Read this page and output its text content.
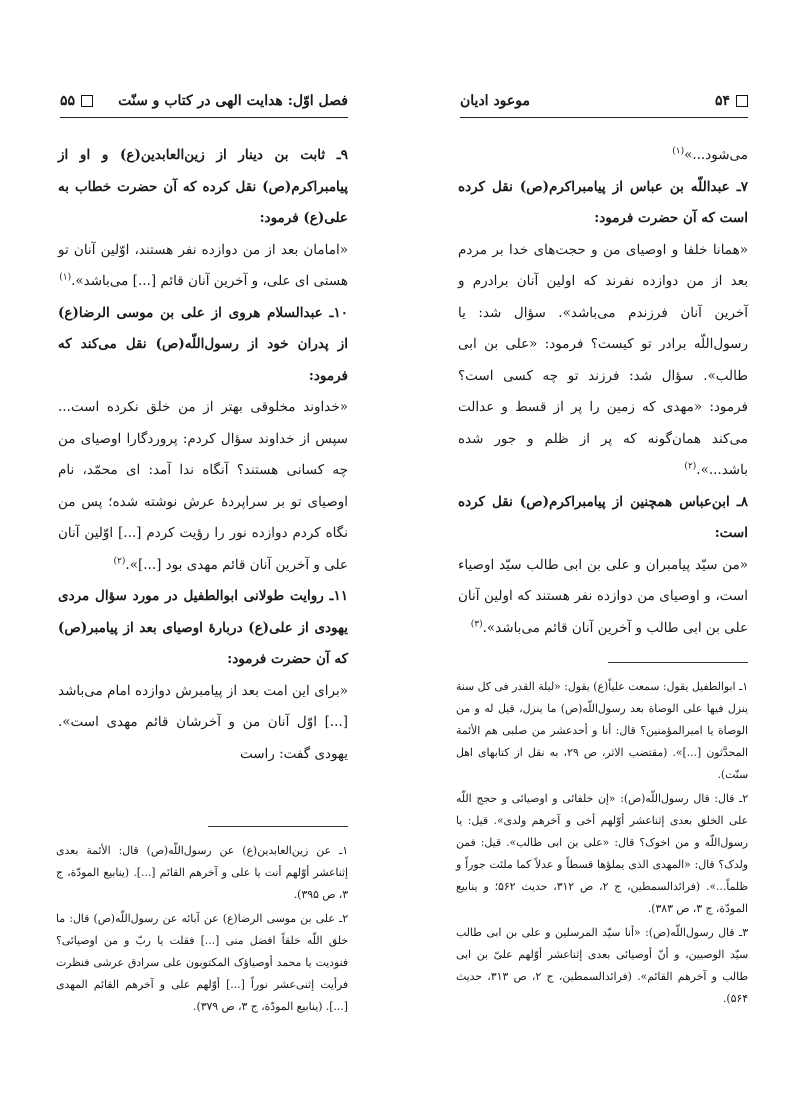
فصل اوّل: هدایت الهی در کتاب و سنّت
۵۵

۹ـ ثابت بن دینار از زین‌العابدین(ع) و او از پیامبراکرم(ص) نقل کرده که آن حضرت خطاب به علی(ع) فرمود:

«امامان بعد از من دوازده نفر هستند، اوّلین آنان تو هستی ای علی، و آخرین آنان قائم [...] می‌باشد».$^{(۱)}$

۱۰ـ عبدالسلام هروی از علی بن موسی الرضا(ع) از پدران خود از رسول‌اللّه(ص) نقل می‌کند که فرمود:

«خداوند مخلوقی بهتر از من خلق نکرده است... سپس از خداوند سؤال کردم: پروردگارا اوصیای من چه کسانی هستند؟ آنگاه ندا آمد: ای محمّد، نام اوصیای تو بر سراپردهٔ عرش نوشته شده؛ پس من نگاه کردم دوازده نور را رؤیت کردم [...] اوّلین آنان علی و آخرین آنان قائم مهدی بود [...]».$^{(۲)}$

۱۱ـ روایت طولانی ابوالطفیل در مورد سؤال مردی یهودی از علی(ع) دربارهٔ اوصیای بعد از پیامبر(ص) که آن حضرت فرمود:

«برای این امت بعد از پیامبرش دوازده امام می‌باشد [...] اوّل آنان من و آخرشان قائم مهدی است». یهودی گفت: راست

۱ـ عن زین‌العابدین(ع) عن رسول‌اللّه(ص) قال: الأئمة بعدی إثناعشر أوّلهم أنت یا علی و آخرهم القائم [...]. (ینابیع المودّة، ج ۳، ص ۳۹۵).

۲ـ علی بن موسی الرضا(ع) عن آبائه عن رسول‌اللّه(ص) قال: ما خلق اللّه خلقاً افضل منی [...] فقلت یا ربّ و من اوصیائی؟ فنودیت یا محمد أوصیاؤک المکتوبون علی سرادق عرشی فنظرت فرأیت إثنی‌عشر نوراً [...] أوّلهم علی و آخرهم القائم المهدی [...]. (ینابیع المودّة، ج ۳، ص ۳۷۹).

۵۴
موعود ادیان

می‌شود...»$^{(۱)}$

۷ـ عبداللّه بن عباس از پیامبراکرم(ص) نقل کرده است که آن حضرت فرمود:

«همانا خلفا و اوصیای من و حجت‌های خدا بر مردم بعد از من دوازده نفرند که اولین آنان برادرم و آخرین آنان فرزندم می‌باشد». سؤال شد: یا رسول‌اللّه برادر تو کیست؟ فرمود: «علی بن ابی طالب». سؤال شد: فرزند تو چه کسی است؟ فرمود: «مهدی که زمین را پر از قسط و عدالت می‌کند همان‌گونه که پر از ظلم و جور شده باشد...».$^{(۲)}$

۸ـ ابن‌عباس همچنین از پیامبراکرم(ص) نقل کرده است:

«من سیّد پیامبران و علی بن ابی طالب سیّد اوصیاء است، و اوصیای من دوازده نفر هستند که اولین آنان علی بن ابی طالب و آخرین آنان قائم می‌باشد».$^{(۳)}$

۱ـ ابوالطفیل یقول: سمعت علیاً(ع) یقول: «لیلة القدر فی کل سنة ینزل فیها علی الوصاة بعد رسول‌اللّه(ص) ما ینزل، قیل له و من الوصاة یا امیرالمؤمنین؟ قال: أنا و أحدعشر من صلبی هم الأئمة المحدَّثون [...]». (مقتضب الاثر، ص ۲۹، به نقل از کتابهای اهل سنّت).

۲ـ قال: قال رسول‌اللّه(ص): «إن خلفائی و اوصیائی و حجج اللّه علی الخلق بعدی إثناعشر أوّلهم أخی و آخرهم ولدی». قیل: یا رسول‌اللّه و من اخوک؟ قال: «علی بن ابی طالب». قیل: فمن ولدک؟ قال: «المهدی الذی یملؤها قسطاً و عدلاً کما ملئت جوراً و ظلماً...». (فرائدالسمطین، ج ۲، ص ۳۱۲، حدیث ۵۶۲؛ و ینابیع المودّة، ج ۳، ص ۳۸۳).

۳ـ قال رسول‌اللّه(ص): «أنا سیّد المرسلین و علی بن ابی طالب سیّد الوصیین، و أنّ أوصیائی بعدی إثناعشر أوّلهم علیّ بن ابی طالب و آخرهم القائم». (فرائدالسمطین، ج ۲، ص ۳۱۳، حدیث ۵۶۴).
